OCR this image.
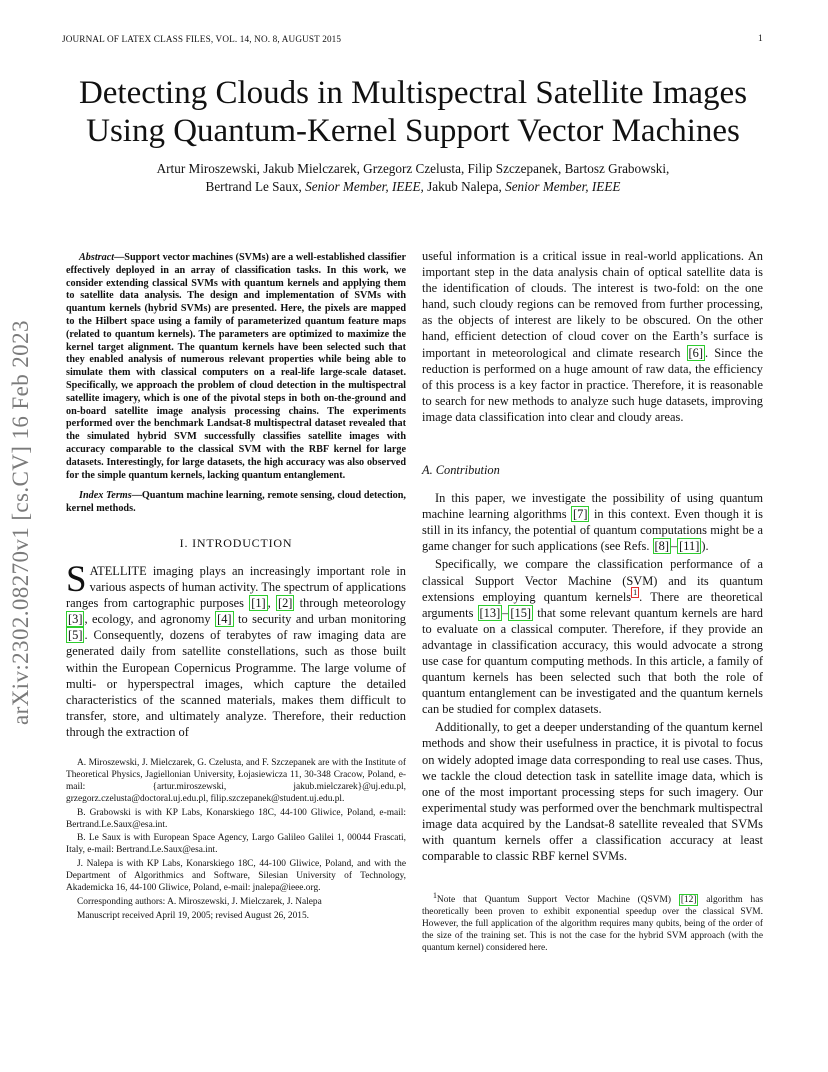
JOURNAL OF LATEX CLASS FILES, VOL. 14, NO. 8, AUGUST 2015	1
Detecting Clouds in Multispectral Satellite Images Using Quantum-Kernel Support Vector Machines
Artur Miroszewski, Jakub Mielczarek, Grzegorz Czelusta, Filip Szczepanek, Bartosz Grabowski,
Bertrand Le Saux, Senior Member, IEEE, Jakub Nalepa, Senior Member, IEEE
arXiv:2302.08270v1 [cs.CV] 16 Feb 2023
Abstract—Support vector machines (SVMs) are a well-established classifier effectively deployed in an array of classification tasks. In this work, we consider extending classical SVMs with quantum kernels and applying them to satellite data analysis. The design and implementation of SVMs with quantum kernels (hybrid SVMs) are presented. Here, the pixels are mapped to the Hilbert space using a family of parameterized quantum feature maps (related to quantum kernels). The parameters are optimized to maximize the kernel target alignment. The quantum kernels have been selected such that they enabled analysis of numerous relevant properties while being able to simulate them with classical computers on a real-life large-scale dataset. Specifically, we approach the problem of cloud detection in the multispectral satellite imagery, which is one of the pivotal steps in both on-the-ground and on-board satellite image analysis processing chains. The experiments performed over the benchmark Landsat-8 multispectral dataset revealed that the simulated hybrid SVM successfully classifies satellite images with accuracy comparable to the classical SVM with the RBF kernel for large datasets. Interestingly, for large datasets, the high accuracy was also observed for the simple quantum kernels, lacking quantum entanglement.
Index Terms—Quantum machine learning, remote sensing, cloud detection, kernel methods.
I. INTRODUCTION

SATELLITE imaging plays an increasingly important role in various aspects of human activity. The spectrum of applications ranges from cartographic purposes [1] , [2] through meteorology [3] , ecology, and agronomy [4] to security and urban monitoring [5] . Consequently, dozens of terabytes of raw imaging data are generated daily from satellite constellations, such as those built within the European Copernicus Programme. The large volume of multi- or hyperspectral images, which capture the detailed characteristics of the scanned materials, makes them difficult to transfer, store, and ultimately analyze. Therefore, their reduction through the extraction of

A. Miroszewski, J. Mielczarek, G. Czelusta, and F. Szczepanek are with the Institute of Theoretical Physics, Jagiellonian University, Łojasiewicza 11, 30-348 Cracow, Poland, e-mail: {artur.miroszewski, jakub.mielczarek}@uj.edu.pl, grzegorz.czelusta@doctoral.uj.edu.pl, filip.szczepanek@student.uj.edu.pl.

B. Grabowski is with KP Labs, Konarskiego 18C, 44-100 Gliwice, Poland, e-mail: Bertrand.Le.Saux@esa.int.

B. Le Saux is with European Space Agency, Largo Galileo Galilei 1, 00044 Frascati, Italy, e-mail: Bertrand.Le.Saux@esa.int.

J. Nalepa is with KP Labs, Konarskiego 18C, 44-100 Gliwice, Poland, and with the Department of Algorithmics and Software, Silesian University of Technology, Akademicka 16, 44-100 Gliwice, Poland, e-mail: jnalepa@ieee.org.

Corresponding authors: A. Miroszewski, J. Mielczarek, J. Nalepa

Manuscript received April 19, 2005; revised August 26, 2015.

useful information is a critical issue in real-world applications. An important step in the data analysis chain of optical satellite data is the identification of clouds. The interest is two-fold: on the one hand, such cloudy regions can be removed from further processing, as the objects of interest are likely to be obscured. On the other hand, efficient detection of cloud cover on the Earth’s surface is important in meteorological and climate research [6] . Since the reduction is performed on a huge amount of raw data, the efficiency of this process is a key factor in practice. Therefore, it is reasonable to search for new methods to analyze such huge datasets, improving image data classification into clear and cloudy areas.

A. Contribution

In this paper, we investigate the possibility of using quantum machine learning algorithms [7] in this context. Even though it is still in its infancy, the potential of quantum computations might be a game changer for such applications (see Refs. [8] – [11] ).

Specifically, we compare the classification performance of a classical Support Vector Machine (SVM) and its quantum extensions employing quantum kernels $^1$ . There are theoretical arguments [13] – [15] that some relevant quantum kernels are hard to evaluate on a classical computer. Therefore, if they provide an advantage in classification accuracy, this would advocate a strong use case for quantum computing methods. In this article, a family of quantum kernels has been selected such that both the role of quantum entanglement can be investigated and the quantum kernels can be studied for complex datasets.

Additionally, to get a deeper understanding of the quantum kernel methods and show their usefulness in practice, it is pivotal to focus on widely adopted image data corresponding to real use cases. Thus, we tackle the cloud detection task in satellite image data, which is one of the most important processing steps for such imagery. Our experimental study was performed over the benchmark multispectral image data acquired by the Landsat-8 satellite revealed that SVMs with quantum kernels offer a classification accuracy at least comparable to classic RBF kernel SVMs.

$^1$Note that Quantum Support Vector Machine (QSVM) [12] algorithm has theoretically been proven to exhibit exponential speedup over the classical SVM. However, the full application of the algorithm requires many qubits, being of the order of the size of the training set. This is not the case for the hybrid SVM approach (with the quantum kernel) considered here.
